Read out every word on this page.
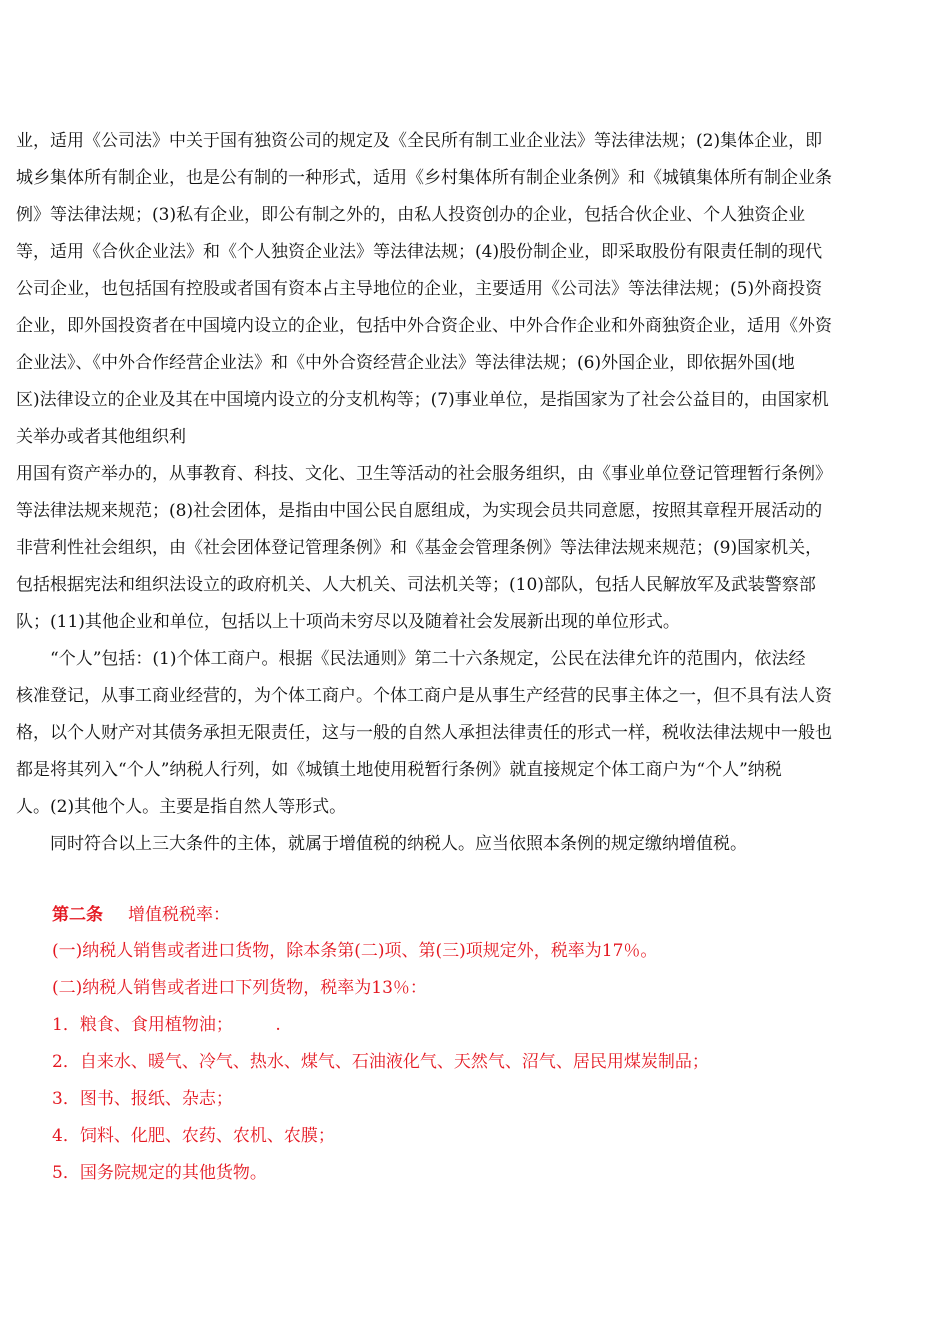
业，适用《公司法》中关于国有独资公司的规定及《全民所有制工业企业法》等法律法规；(2)集体企业，即
城乡集体所有制企业，也是公有制的一种形式，适用《乡村集体所有制企业条例》和《城镇集体所有制企业条
例》等法律法规；(3)私有企业，即公有制之外的，由私人投资创办的企业，包括合伙企业、个人独资企业
等，适用《合伙企业法》和《个人独资企业法》等法律法规；(4)股份制企业，即采取股份有限责任制的现代
公司企业，也包括国有控股或者国有资本占主导地位的企业，主要适用《公司法》等法律法规；(5)外商投资
企业，即外国投资者在中国境内设立的企业，包括中外合资企业、中外合作企业和外商独资企业，适用《外资
企业法》、《中外合作经营企业法》和《中外合资经营企业法》等法律法规；(6)外国企业，即依据外国(地
区)法律设立的企业及其在中国境内设立的分支机构等；(7)事业单位，是指国家为了社会公益目的，由国家机
关举办或者其他组织利
用国有资产举办的，从事教育、科技、文化、卫生等活动的社会服务组织，由《事业单位登记管理暂行条例》
等法律法规来规范；(8)社会团体，是指由中国公民自愿组成，为实现会员共同意愿，按照其章程开展活动的
非营利性社会组织，由《社会团体登记管理条例》和《基金会管理条例》等法律法规来规范；(9)国家机关，
包括根据宪法和组织法设立的政府机关、人大机关、司法机关等；(10)部队，包括人民解放军及武装警察部
队；(11)其他企业和单位，包括以上十项尚未穷尽以及随着社会发展新出现的单位形式。
　　“个人”包括：(1)个体工商户。根据《民法通则》第二十六条规定，公民在法律允许的范围内，依法经
核准登记，从事工商业经营的，为个体工商户。个体工商户是从事生产经营的民事主体之一，但不具有法人资
格，以个人财产对其债务承担无限责任，这与一般的自然人承担法律责任的形式一样，税收法律法规中一般也
都是将其列入“个人”纳税人行列，如《城镇土地使用税暂行条例》就直接规定个体工商户为“个人”纳税
人。(2)其他个人。主要是指自然人等形式。
　　同时符合以上三大条件的主体，就属于增值税的纳税人。应当依照本条例的规定缴纳增值税。
第二条 增值税税率：
(一)纳税人销售或者进口货物，除本条第(二)项、第(三)项规定外，税率为17％。
(二)纳税人销售或者进口下列货物，税率为13％：
1．粮食、食用植物油；　　　.
2．自来水、暖气、冷气、热水、煤气、石油液化气、天然气、沼气、居民用煤炭制品；
3．图书、报纸、杂志；
4．饲料、化肥、农药、农机、农膜；
5．国务院规定的其他货物。
